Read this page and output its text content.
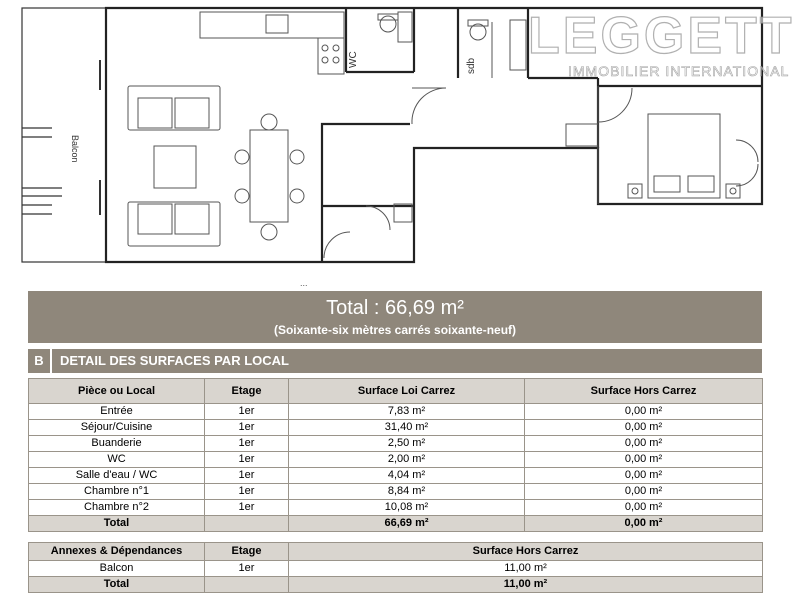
Balcon
WC	sdb
LEGGETT
IMMOBILIER INTERNATIONAL
...
Total : 66,69 m²
(Soixante-six mètres carrés soixante-neuf)
B	DETAIL DES SURFACES PAR LOCAL
Pièce ou Local	Etage	Surface Loi Carrez	Surface Hors Carrez
Entrée	1er	7,83 m²	0,00 m²
Séjour/Cuisine	1er	31,40 m²	0,00 m²
Buanderie	1er	2,50 m²	0,00 m²
WC	1er	2,00 m²	0,00 m²
Salle d'eau / WC	1er	4,04 m²	0,00 m²
Chambre n°1	1er	8,84 m²	0,00 m²
Chambre n°2	1er	10,08 m²	0,00 m²
Total		66,69 m²	0,00 m²
Annexes & Dépendances	Etage	Surface Hors Carrez
Balcon	1er	11,00 m²
Total		11,00 m²
